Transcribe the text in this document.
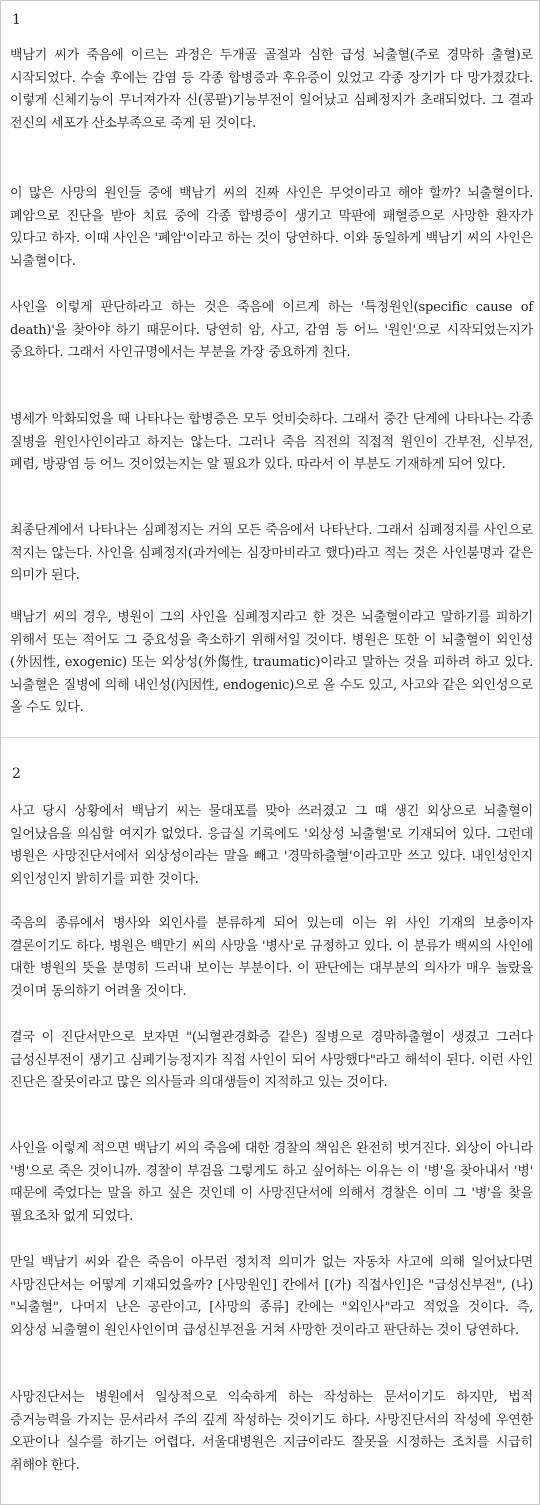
1

백남기 씨가 죽음에 이르는 과정은 두개골 골절과 심한 급성 뇌출혈(주로 경막하 출혈)로 시작되었다. 수술 후에는 감염 등 각종 합병증과 후유증이 있었고 각종 장기가 다 망가졌갔다. 이렇게 신체기능이 무너져가자 신(콩팥)기능부전이 일어났고 심폐정지가 초래되었다. 그 결과 전신의 세포가 산소부족으로 죽게 된 것이다.

이 많은 사망의 원인들 중에 백남기 씨의 진짜 사인은 무엇이라고 해야 할까? 뇌출혈이다. 폐암으로 진단을 받아 치료 중에 각종 합병증이 생기고 막판에 패혈증으로 사망한 환자가 있다고 하자. 이때 사인은 '폐암'이라고 하는 것이 당연하다. 이와 동일하게 백남기 씨의 사인은 뇌출혈이다.

사인을 이렇게 판단하라고 하는 것은 죽음에 이르게 하는 '특정원인(specific cause of death)'을 찾아야 하기 때문이다. 당연히 암, 사고, 감염 등 어느 '원인'으로 시작되었는지가 중요하다. 그래서 사인규명에서는 부분을 가장 중요하게 친다.

병세가 악화되었을 때 나타나는 합병증은 모두 엇비슷하다. 그래서 중간 단계에 나타나는 각종 질병을 원인사인이라고 하지는 않는다. 그러나 죽음 직전의 직접적 원인이 간부전, 신부전, 폐렴, 방광염 등 어느 것이었는지는 알 필요가 있다. 따라서 이 부분도 기재하게 되어 있다.

최종단계에서 나타나는 심폐정지는 거의 모든 죽음에서 나타난다. 그래서 심폐정지를 사인으로 적지는 않는다. 사인을 심폐정지(과거에는 심장마비라고 했다)라고 적는 것은 사인불명과 같은 의미가 된다.

백남기 씨의 경우, 병원이 그의 사인을 심폐정지라고 한 것은 뇌출혈이라고 말하기를 피하기 위해서 또는 적어도 그 중요성을 축소하기 위해서일 것이다. 병원은 또한 이 뇌출혈이 외인성(外因性, exogenic) 또는 외상성(外傷性, traumatic)이라고 말하는 것을 피하려 하고 있다. 뇌출혈은 질병에 의해 내인성(內因性, endogenic)으로 올 수도 있고, 사고와 같은 외인성으로 올 수도 있다.

2

사고 당시 상황에서 백남기 씨는 물대포를 맞아 쓰러졌고 그 때 생긴 외상으로 뇌출혈이 일어났음을 의심할 여지가 없었다. 응급실 기록에도 '외상성 뇌출혈'로 기재되어 있다. 그런데 병원은 사망진단서에서 외상성이라는 말을 빼고 '경막하출혈'이라고만 쓰고 있다. 내인성인지 외인성인지 밝히기를 피한 것이다.

죽음의 종류에서 병사와 외인사를 분류하게 되어 있는데 이는 위 사인 기재의 보충이자 결론이기도 하다. 병원은 백만기 씨의 사망을 '병사'로 규정하고 있다. 이 분류가 백씨의 사인에 대한 병원의 뜻을 분명히 드러내 보이는 부분이다. 이 판단에는 대부분의 의사가 매우 놀랐을 것이며 동의하기 어려울 것이다.

결국 이 진단서만으로 보자면 "(뇌혈관경화증 같은) 질병으로 경막하출혈이 생겼고 그러다 급성신부전이 생기고 심폐기능정지가 직접 사인이 되어 사망했다"라고 해석이 된다. 이런 사인 진단은 잘못이라고 많은 의사들과 의대생들이 지적하고 있는 것이다.

사인을 이렇게 적으면 백남기 씨의 죽음에 대한 경찰의 책임은 완전히 벗겨진다. 외상이 아니라 '병'으로 죽은 것이니까. 경찰이 부검을 그렇게도 하고 싶어하는 이유는 이 '병'을 찾아내서 '병' 때문에 죽었다는 말을 하고 싶은 것인데 이 사망진단서에 의해서 경찰은 이미 그 '병'을 찾을 필요조차 없게 되었다.

만일 백남기 씨와 같은 죽음이 아무런 정치적 의미가 없는 자동차 사고에 의해 일어났다면 사망진단서는 어떻게 기재되었을까? [사망원인] 칸에서 [(가) 직접사인]은 "급성신부전", (나) "뇌출혈", 나머지 난은 공란이고, [사망의 종류] 칸에는 "외인사"라고 적었을 것이다. 즉, 외상성 뇌출혈이 원인사인이며 급성신부전을 거쳐 사망한 것이라고 판단하는 것이 당연하다.

사망진단서는 병원에서 일상적으로 익숙하게 하는 작성하는 문서이기도 하지만, 법적 증거능력을 가지는 문서라서 주의 깊게 작성하는 것이기도 하다. 사망진단서의 작성에 우연한 오판이나 실수를 하기는 어렵다. 서울대병원은 지금이라도 잘못을 시정하는 조치를 시급히 취해야 한다.
